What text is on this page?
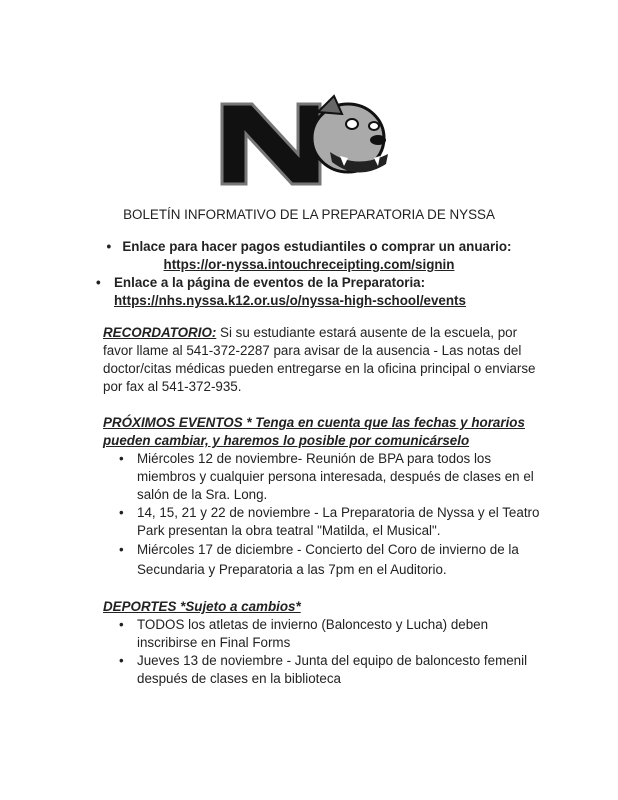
BOLETÍN INFORMATIVO DE LA PREPARATORIA DE NYSSA
•   Enlace para hacer pagos estudiantiles o comprar un anuario:
https://or-nyssa.intouchreceipting.com/signin
• Enlace a la página de eventos de la Preparatoria:
https://nhs.nyssa.k12.or.us/o/nyssa-high-school/events
RECORDATORIO: Si su estudiante estará ausente de la escuela, por favor llame al 541-372-2287 para avisar de la ausencia - Las notas del doctor/citas médicas pueden entregarse en la oficina principal o enviarse por fax al 541-372-935.
PRÓXIMOS EVENTOS * Tenga en cuenta que las fechas y horarios pueden cambiar, y haremos lo posible por comunicárselo
• Miércoles 12 de noviembre- Reunión de BPA para todos los miembros y cualquier persona interesada, después de clases en el salón de la Sra. Long.
• 14, 15, 21 y 22 de noviembre - La Preparatoria de Nyssa y el Teatro Park presentan la obra teatral "Matilda, el Musical".
• Miércoles 17 de diciembre - Concierto del Coro de invierno de la Secundaria y Preparatoria a las 7pm en el Auditorio.
DEPORTES *Sujeto a cambios*
• TODOS los atletas de invierno (Baloncesto y Lucha) deben inscribirse en Final Forms
• Jueves 13 de noviembre - Junta del equipo de baloncesto femenil después de clases en la biblioteca
